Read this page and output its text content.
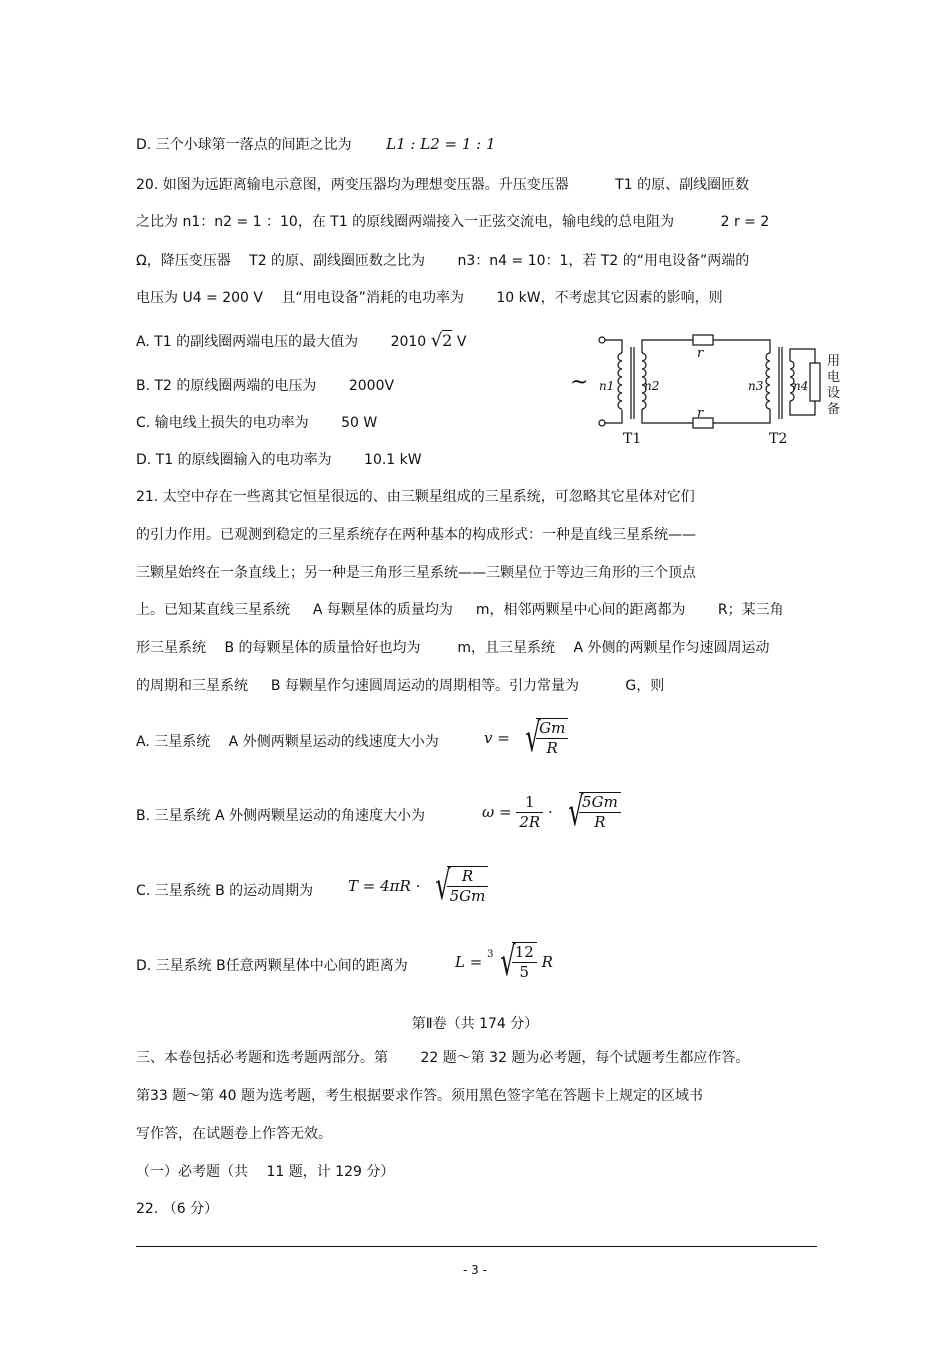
D. 三个小球第一落点的间距之比为 L1 : L2 = 1 : 1
20. 如图为远距离输电示意图，两变压器均为理想变压器。升压变压器 　　　T1 的原、副线圈匝数
之比为 n1：n2 = 1 ：10，在 T1 的原线圈两端接入一正弦交流电，输电线的总电阻为 　　　2 r = 2
Ω，降压变压器 　T2 的原、副线圈匝数之比为 　　n3：n4 = 10：1，若 T2 的“用电设备”两端的
电压为 U4 = 200 V 　且“用电设备”消耗的电功率为 　　10 kW，不考虑其它因素的影响，则
A. T1 的副线圈两端电压的最大值为 　　2010 √2 V
B. T2 的原线圈两端的电压为 　　2000V
C. 输电线上损失的电功率为 　　50 W
D. T1 的原线圈输入的电功率为 　　10.1 kW
r
r
n1 n2	n3 n4
T1	T2
~
用
电
设
备
21. 太空中存在一些离其它恒星很远的、由三颗星组成的三星系统，可忽略其它星体对它们
的引力作用。已观测到稳定的三星系统存在两种基本的构成形式：一种是直线三星系统——
三颗星始终在一条直线上；另一种是三角形三星系统——三颗星位于等边三角形的三个顶点
上。已知某直线三星系统 　 A 每颗星体的质量均为 　 m，相邻两颗星中心间的距离都为 　　R；某三角
形三星系统 　B 的每颗星体的质量恰好也均为 　　 m，且三星系统 　A 外侧的两颗星作匀速圆周运动
的周期和三星系统 　 B 每颗星作匀速圆周运动的周期相等。引力常量为 　　　G，则
A. 三星系统 　A 外侧两颗星运动的线速度大小为	v = √
$\frac{Gm}{R}$
B. 三星系统 A 外侧两颗星运动的角速度大小为	$\omega = \frac{1}{2R}$ · √
$\frac{5Gm}{R}$
C. 三星系统 B 的运动周期为 T = 4πR · √
$\frac{R}{5Gm}$
D. 三星系统 B任意两颗星体中心间的距离为	L = $^3$ √
$\frac{12}{5}$ R
第Ⅱ卷（共 174 分）
三、本卷包括必考题和选考题两部分。第 　　22 题～第 32 题为必考题，每个试题考生都应作答。
第33 题～第 40 题为选考题，考生根据要求作答。须用黑色签字笔在答题卡上规定的区域书
写作答，在试题卷上作答无效。
（一）必考题（共 　11 题，计 129 分）
22. （6 分）
- 3 -
